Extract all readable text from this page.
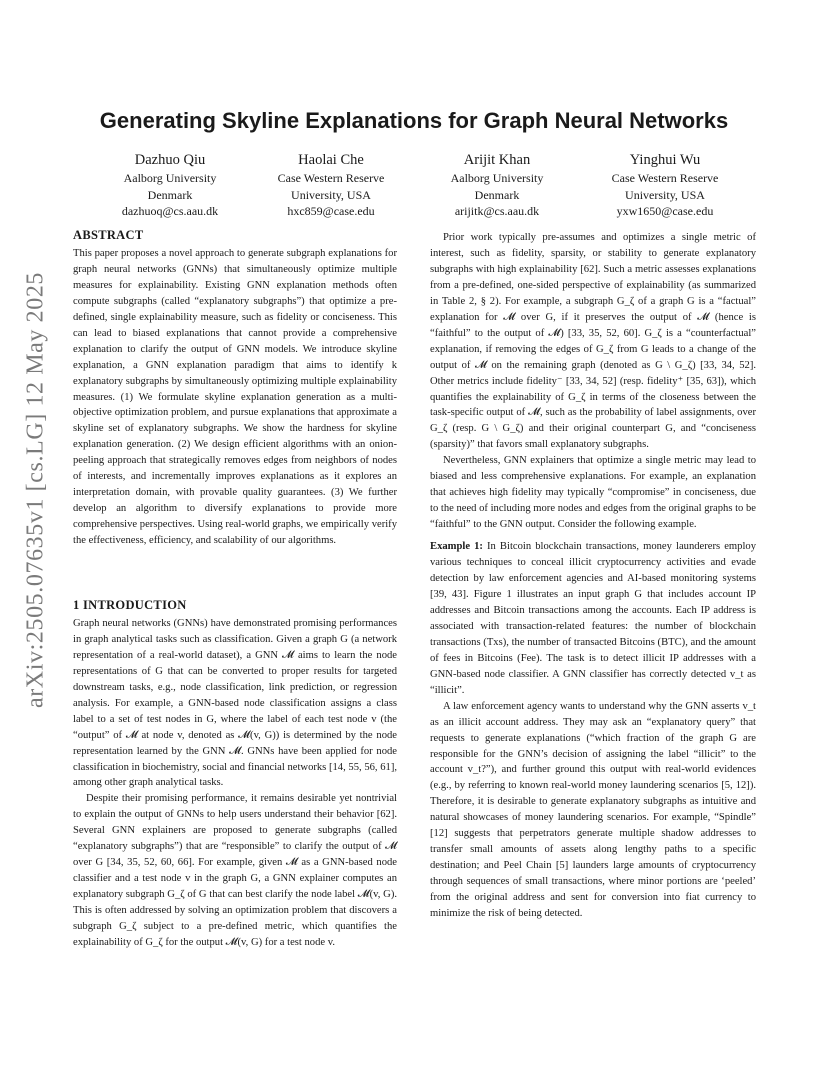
arXiv:2505.07635v1 [cs.LG] 12 May 2025
Generating Skyline Explanations for Graph Neural Networks
Dazhuo Qiu
Aalborg University
Denmark
dazhuoq@cs.aau.dk
Haolai Che
Case Western Reserve
University, USA
hxc859@case.edu
Arijit Khan
Aalborg University
Denmark
arijitk@cs.aau.dk
Yinghui Wu
Case Western Reserve
University, USA
yxw1650@case.edu
ABSTRACT

This paper proposes a novel approach to generate subgraph explanations for graph neural networks (GNNs) that simultaneously optimize multiple measures for explainability. Existing GNN explanation methods often compute subgraphs (called “explanatory subgraphs”) that optimize a pre-defined, single explainability measure, such as fidelity or conciseness. This can lead to biased explanations that cannot provide a comprehensive explanation to clarify the output of GNN models. We introduce skyline explanation, a GNN explanation paradigm that aims to identify k explanatory subgraphs by simultaneously optimizing multiple explainability measures. (1) We formulate skyline explanation generation as a multi-objective optimization problem, and pursue explanations that approximate a skyline set of explanatory subgraphs. We show the hardness for skyline explanation generation. (2) We design efficient algorithms with an onion-peeling approach that strategically removes edges from neighbors of nodes of interests, and incrementally improves explanations as it explores an interpretation domain, with provable quality guarantees. (3) We further develop an algorithm to diversify explanations to provide more comprehensive perspectives. Using real-world graphs, we empirically verify the effectiveness, efficiency, and scalability of our algorithms.

1 INTRODUCTION

Graph neural networks (GNNs) have demonstrated promising performances in graph analytical tasks such as classification. Given a graph G (a network representation of a real-world dataset), a GNN 𝓜 aims to learn the node representations of G that can be converted to proper results for targeted downstream tasks, e.g., node classification, link prediction, or regression analysis. For example, a GNN-based node classification assigns a class label to a set of test nodes in G, where the label of each test node v (the “output” of 𝓜 at node v, denoted as 𝓜(v, G)) is determined by the node representation learned by the GNN 𝓜. GNNs have been applied for node classification in biochemistry, social and financial networks [14, 55, 56, 61], among other graph analytical tasks.

Despite their promising performance, it remains desirable yet nontrivial to explain the output of GNNs to help users understand their behavior [62]. Several GNN explainers are proposed to generate subgraphs (called “explanatory subgraphs”) that are “responsible” to clarify the output of 𝓜 over G [34, 35, 52, 60, 66]. For example, given 𝓜 as a GNN-based node classifier and a test node v in the graph G, a GNN explainer computes an explanatory subgraph G_ζ of G that can best clarify the node label 𝓜(v, G). This is often addressed by solving an optimization problem that discovers a subgraph G_ζ subject to a pre-defined metric, which quantifies the explainability of G_ζ for the output 𝓜(v, G) for a test node v.

Prior work typically pre-assumes and optimizes a single metric of interest, such as fidelity, sparsity, or stability to generate explanatory subgraphs with high explainability [62]. Such a metric assesses explanations from a pre-defined, one-sided perspective of explainability (as summarized in Table 2, § 2). For example, a subgraph G_ζ of a graph G is a “factual” explanation for 𝓜 over G, if it preserves the output of 𝓜 (hence is “faithful” to the output of 𝓜) [33, 35, 52, 60]. G_ζ is a “counterfactual” explanation, if removing the edges of G_ζ from G leads to a change of the output of 𝓜 on the remaining graph (denoted as G \ G_ζ) [33, 34, 52]. Other metrics include fidelity⁻ [33, 34, 52] (resp. fidelity⁺ [35, 63]), which quantifies the explainability of G_ζ in terms of the closeness between the task-specific output of 𝓜, such as the probability of label assignments, over G_ζ (resp. G \ G_ζ) and their original counterpart G, and “conciseness (sparsity)” that favors small explanatory subgraphs.

Nevertheless, GNN explainers that optimize a single metric may lead to biased and less comprehensive explanations. For example, an explanation that achieves high fidelity may typically “compromise” in conciseness, due to the need of including more nodes and edges from the original graphs to be “faithful” to the GNN output. Consider the following example.

Example 1: In Bitcoin blockchain transactions, money launderers employ various techniques to conceal illicit cryptocurrency activities and evade detection by law enforcement agencies and AI-based monitoring systems [39, 43]. Figure 1 illustrates an input graph G that includes account IP addresses and Bitcoin transactions among the accounts. Each IP address is associated with transaction-related features: the number of blockchain transactions (Txs), the number of transacted Bitcoins (BTC), and the amount of fees in Bitcoins (Fee). The task is to detect illicit IP addresses with a GNN-based node classifier. A GNN classifier has correctly detected v_t as “illicit”.

A law enforcement agency wants to understand why the GNN asserts v_t as an illicit account address. They may ask an “explanatory query” that requests to generate explanations (“which fraction of the graph G are responsible for the GNN’s decision of assigning the label “illicit” to the account v_t?”), and further ground this output with real-world evidences (e.g., by referring to known real-world money laundering scenarios [5, 12]). Therefore, it is desirable to generate explanatory subgraphs as intuitive and natural showcases of money laundering scenarios. For example, “Spindle” [12] suggests that perpetrators generate multiple shadow addresses to transfer small amounts of assets along lengthy paths to a specific destination; and Peel Chain [5] launders large amounts of cryptocurrency through sequences of small transactions, where minor portions are ‘peeled’ from the original address and sent for conversion into fiat currency to minimize the risk of being detected.
